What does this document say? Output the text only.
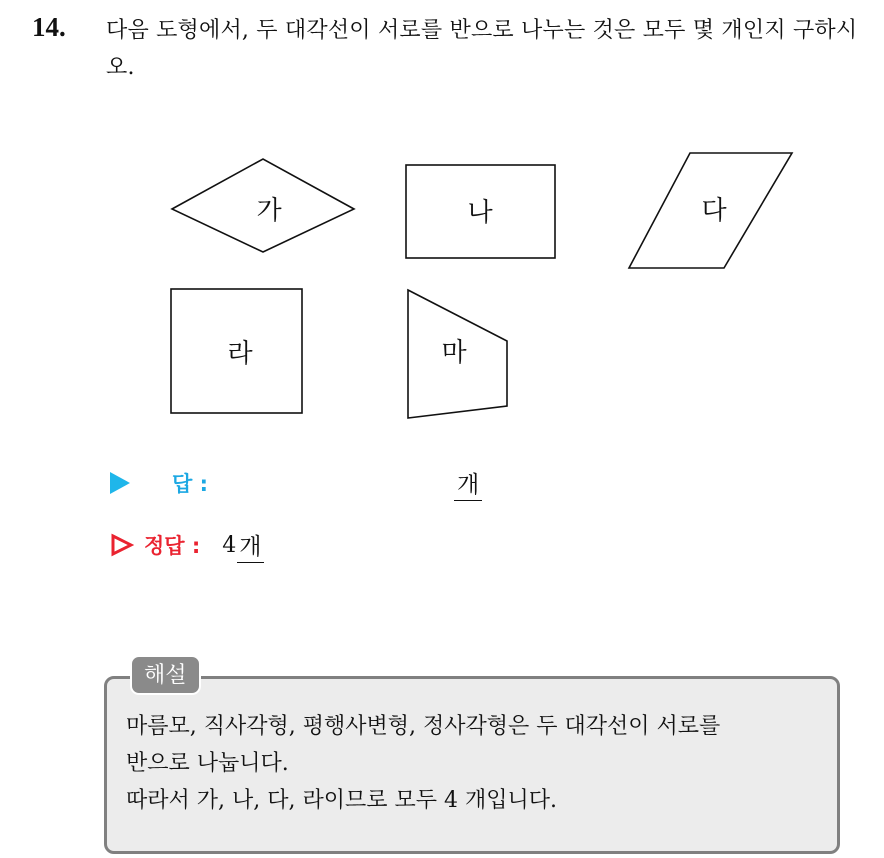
14. 다음 도형에서, 두 대각선이 서로를 반으로 나누는 것은 모두 몇 개인지 구하시오.
가	나	다
라	마
답 :	개
정답 : 4 개
해설
마름모, 직사각형, 평행사변형, 정사각형은 두 대각선이 서로를
반으로 나눕니다.
따라서 가, 나, 다, 라이므로 모두 4 개입니다.
